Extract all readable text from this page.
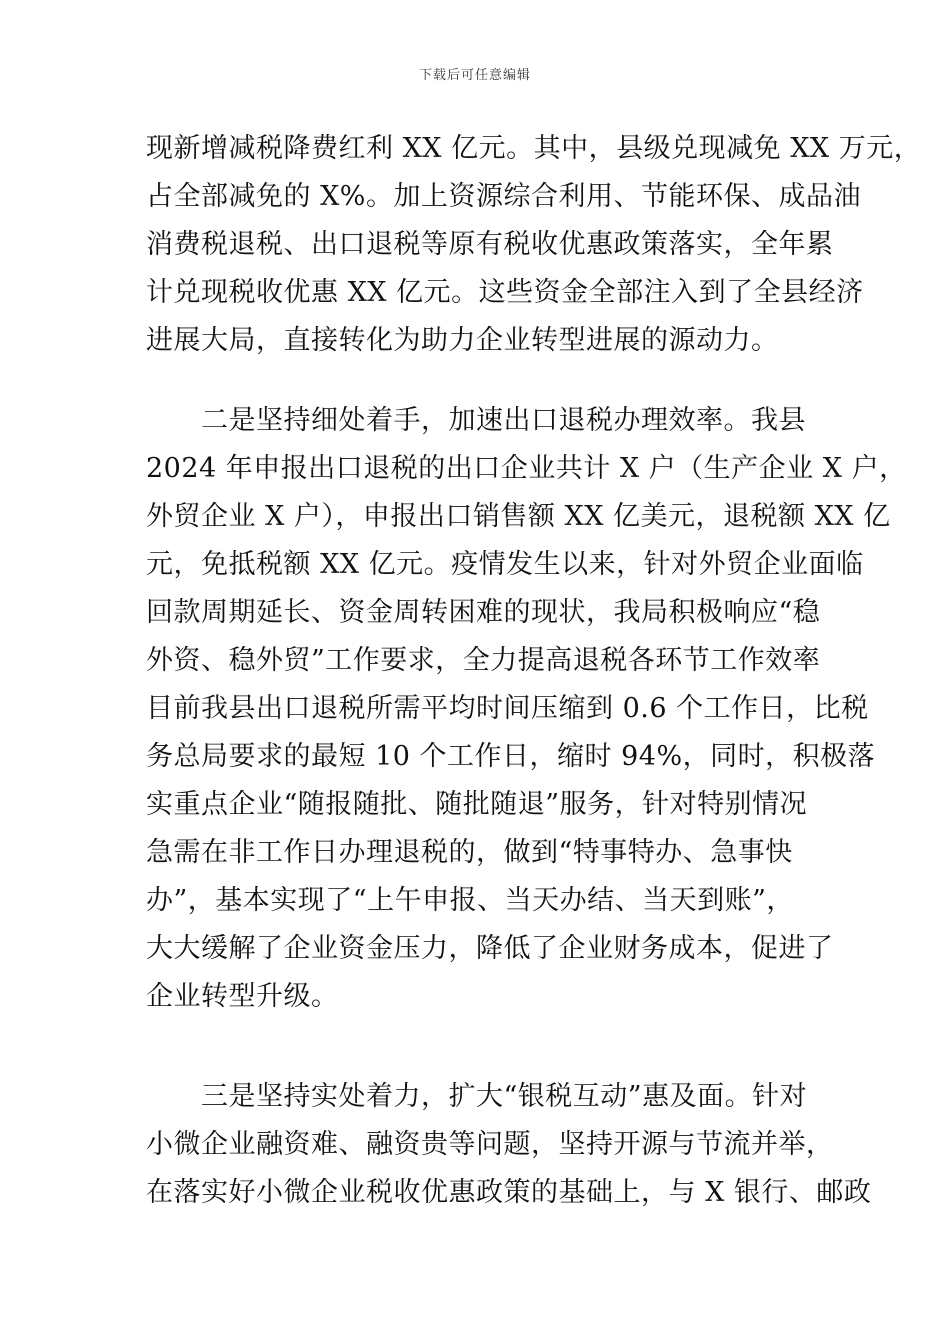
下载后可任意编辑
现新增减税降费红利 XX 亿元。其中，县级兑现减免 XX 万元，
占全部减免的 X%。加上资源综合利用、节能环保、成品油
消费税退税、出口退税等原有税收优惠政策落实，全年累
计兑现税收优惠 XX 亿元。这些资金全部注入到了全县经济
进展大局，直接转化为助力企业转型进展的源动力。
　　二是坚持细处着手，加速出口退税办理效率。我县
2024 年申报出口退税的出口企业共计 X 户（生产企业 X 户，
外贸企业 X 户），申报出口销售额 XX 亿美元，退税额 XX 亿
元，免抵税额 XX 亿元。疫情发生以来，针对外贸企业面临
回款周期延长、资金周转困难的现状，我局积极响应“稳
外资、稳外贸”工作要求，全力提高退税各环节工作效率
目前我县出口退税所需平均时间压缩到 0.6 个工作日，比税
务总局要求的最短 10 个工作日，缩时 94%，同时，积极落
实重点企业“随报随批、随批随退”服务，针对特别情况
急需在非工作日办理退税的，做到“特事特办、急事快
办”，基本实现了“上午申报、当天办结、当天到账”，
大大缓解了企业资金压力，降低了企业财务成本，促进了
企业转型升级。
　　三是坚持实处着力，扩大“银税互动”惠及面。针对
小微企业融资难、融资贵等问题，坚持开源与节流并举，
在落实好小微企业税收优惠政策的基础上，与 X 银行、邮政
